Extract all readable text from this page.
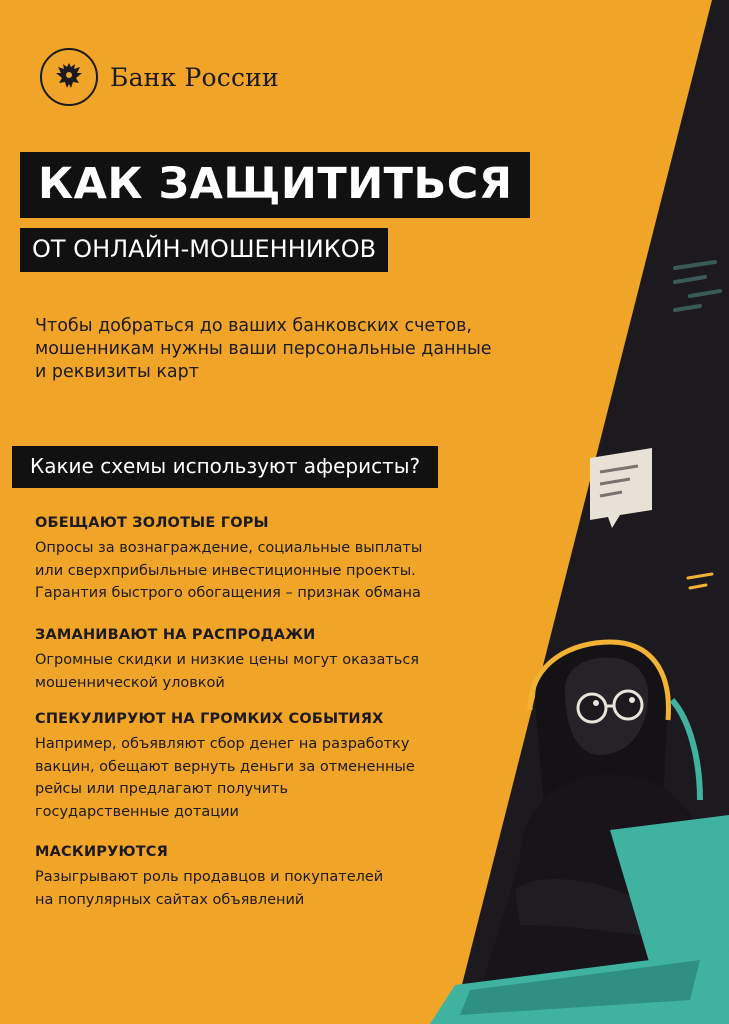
Банк России
КАК ЗАЩИТИТЬСЯ
ОТ ОНЛАЙН-МОШЕННИКОВ
Чтобы добраться до ваших банковских счетов,
мошенникам нужны ваши персональные данные
и реквизиты карт
Какие схемы используют аферисты?
ОБЕЩАЮТ ЗОЛОТЫЕ ГОРЫ
Опросы за вознаграждение, социальные выплаты
или сверхприбыльные инвестиционные проекты.
Гарантия быстрого обогащения – признак обмана
ЗАМАНИВАЮТ НА РАСПРОДАЖИ
Огромные скидки и низкие цены могут оказаться
мошеннической уловкой
СПЕКУЛИРУЮТ НА ГРОМКИХ СОБЫТИЯХ
Например, объявляют сбор денег на разработку
вакцин, обещают вернуть деньги за отмененные
рейсы или предлагают получить
государственные дотации
МАСКИРУЮТСЯ
Разыгрывают роль продавцов и покупателей
на популярных сайтах объявлений
